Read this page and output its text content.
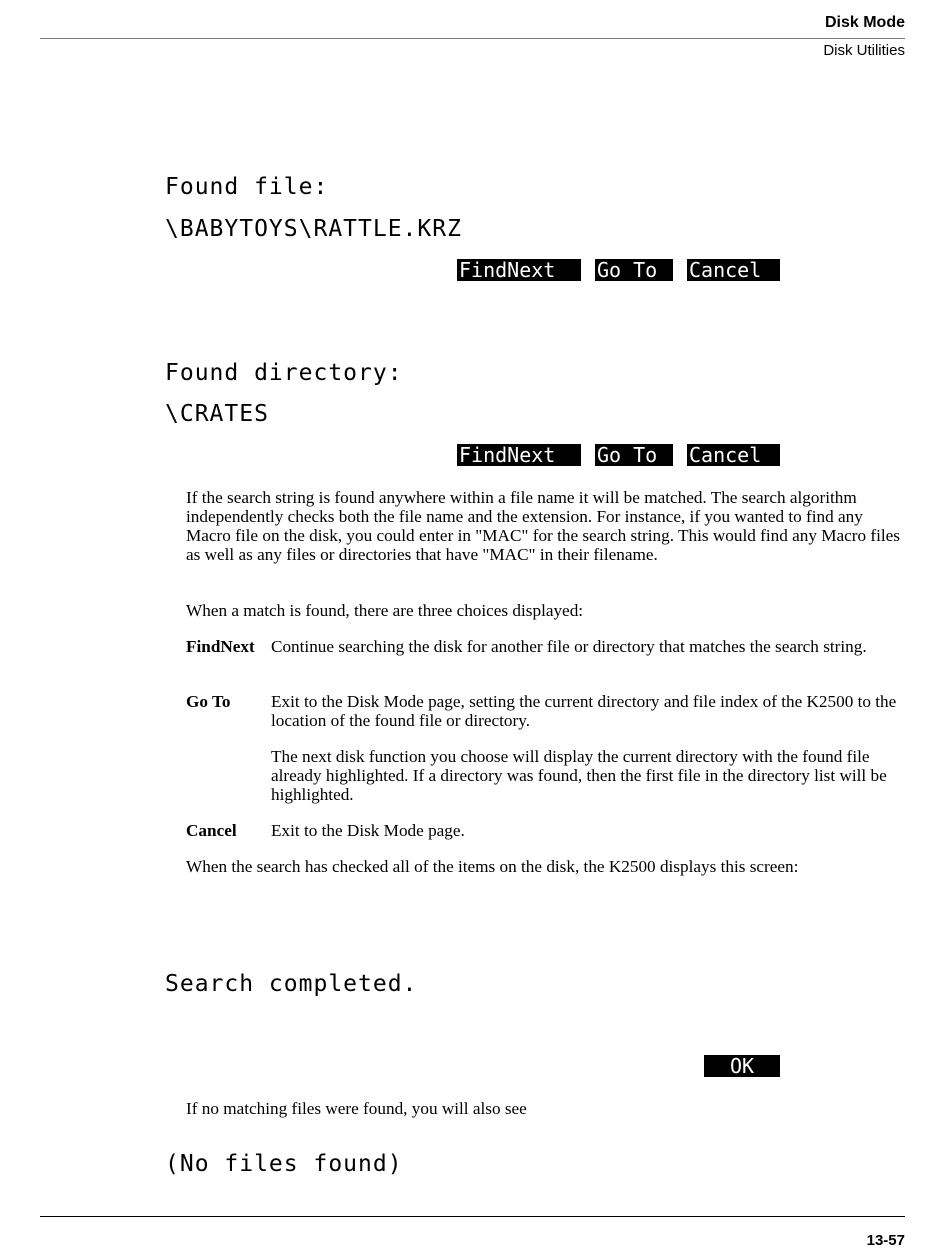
Disk Mode
Disk Utilities
Found file:
\BABYTOYS\RATTLE.KRZ
FindNext	Go To	Cancel
Found directory:
\CRATES
FindNext	Go To	Cancel
If the search string is found anywhere within a file name it will be matched. The search algorithm independently checks both the file name and the extension. For instance, if you wanted to find any Macro file on the disk, you could enter in "MAC" for the search string. This would find any Macro files as well as any files or directories that have "MAC" in their filename.
When a match is found, there are three choices displayed:
FindNext Continue searching the disk for another file or directory that matches the search string.
Go To Exit to the Disk Mode page, setting the current directory and file index of the K2500 to the location of the found file or directory.
The next disk function you choose will display the current directory with the found file already highlighted. If a directory was found, then the first file in the directory list will be highlighted.
Cancel Exit to the Disk Mode page.
When the search has checked all of the items on the disk, the K2500 displays this screen:
Search completed.
OK
If no matching files were found, you will also see
(No files found)
13-57
